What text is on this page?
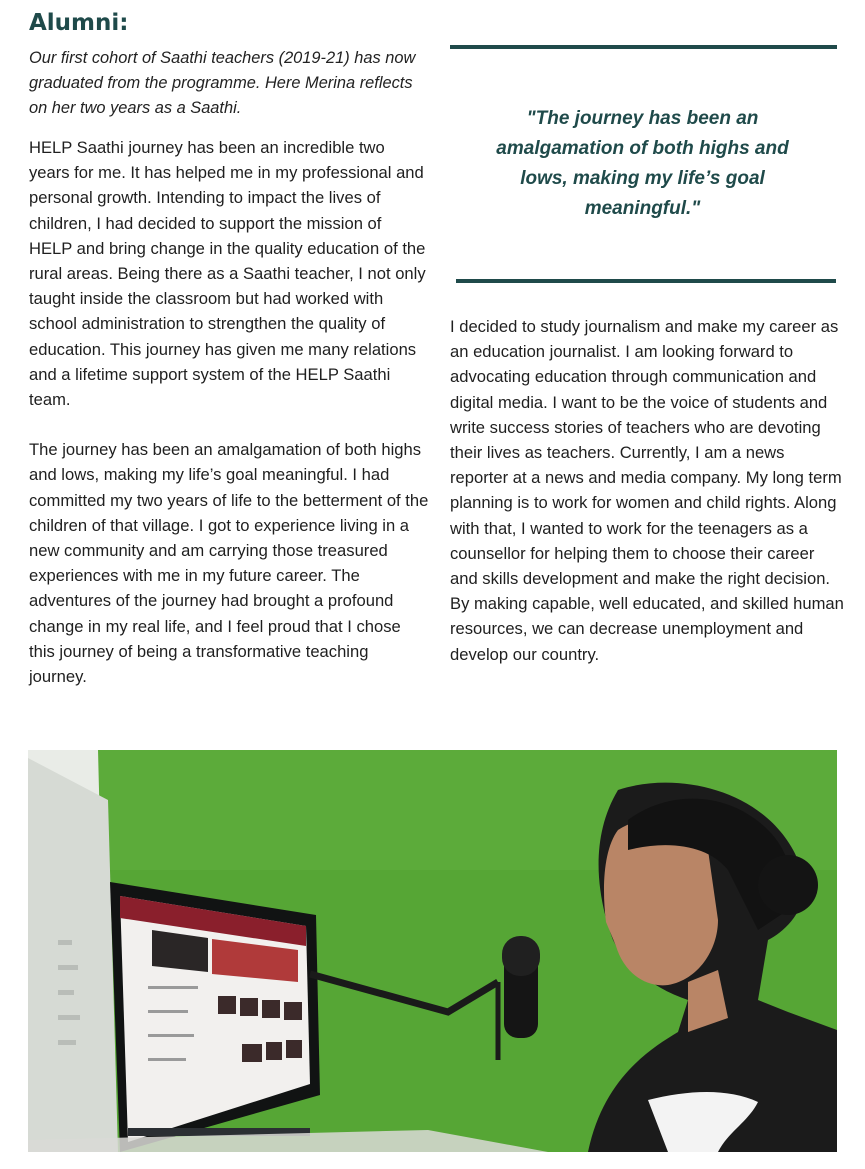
Alumni:

Our first cohort of Saathi teachers (2019-21) has now graduated from the programme. Here Merina reflects on her two years as a Saathi.

HELP Saathi journey has been an incredible two years for me. It has helped me in my professional and personal growth. Intending to impact the lives of children, I had decided to support the mission of HELP and bring change in the quality education of the rural areas. Being there as a Saathi teacher, I not only taught inside the classroom but had worked with school administration to strengthen the quality of education. This journey has given me many relations and a lifetime support system of the HELP Saathi team.

The journey has been an amalgamation of both highs and lows, making my life’s goal meaningful. I had committed my two years of life to the betterment of the children of that village. I got to experience living in a new community and am carrying those treasured experiences with me in my future career. The adventures of the journey had brought a profound change in my real life, and I feel proud that I chose this journey of being a transformative teaching journey.

"The journey has been an amalgamation of both highs and lows, making my life’s goal meaningful."

I decided to study journalism and make my career as an education journalist. I am looking forward to advocating education through communication and digital media. I want to be the voice of students and write success stories of teachers who are devoting their lives as teachers. Currently, I am a news reporter at a news and media company. My long term planning is to work for women and child rights. Along with that, I wanted to work for the teenagers as a counsellor for helping them to choose their career and skills development and make the right decision. By making capable, well educated, and skilled human resources, we can decrease unemployment and develop our country.
